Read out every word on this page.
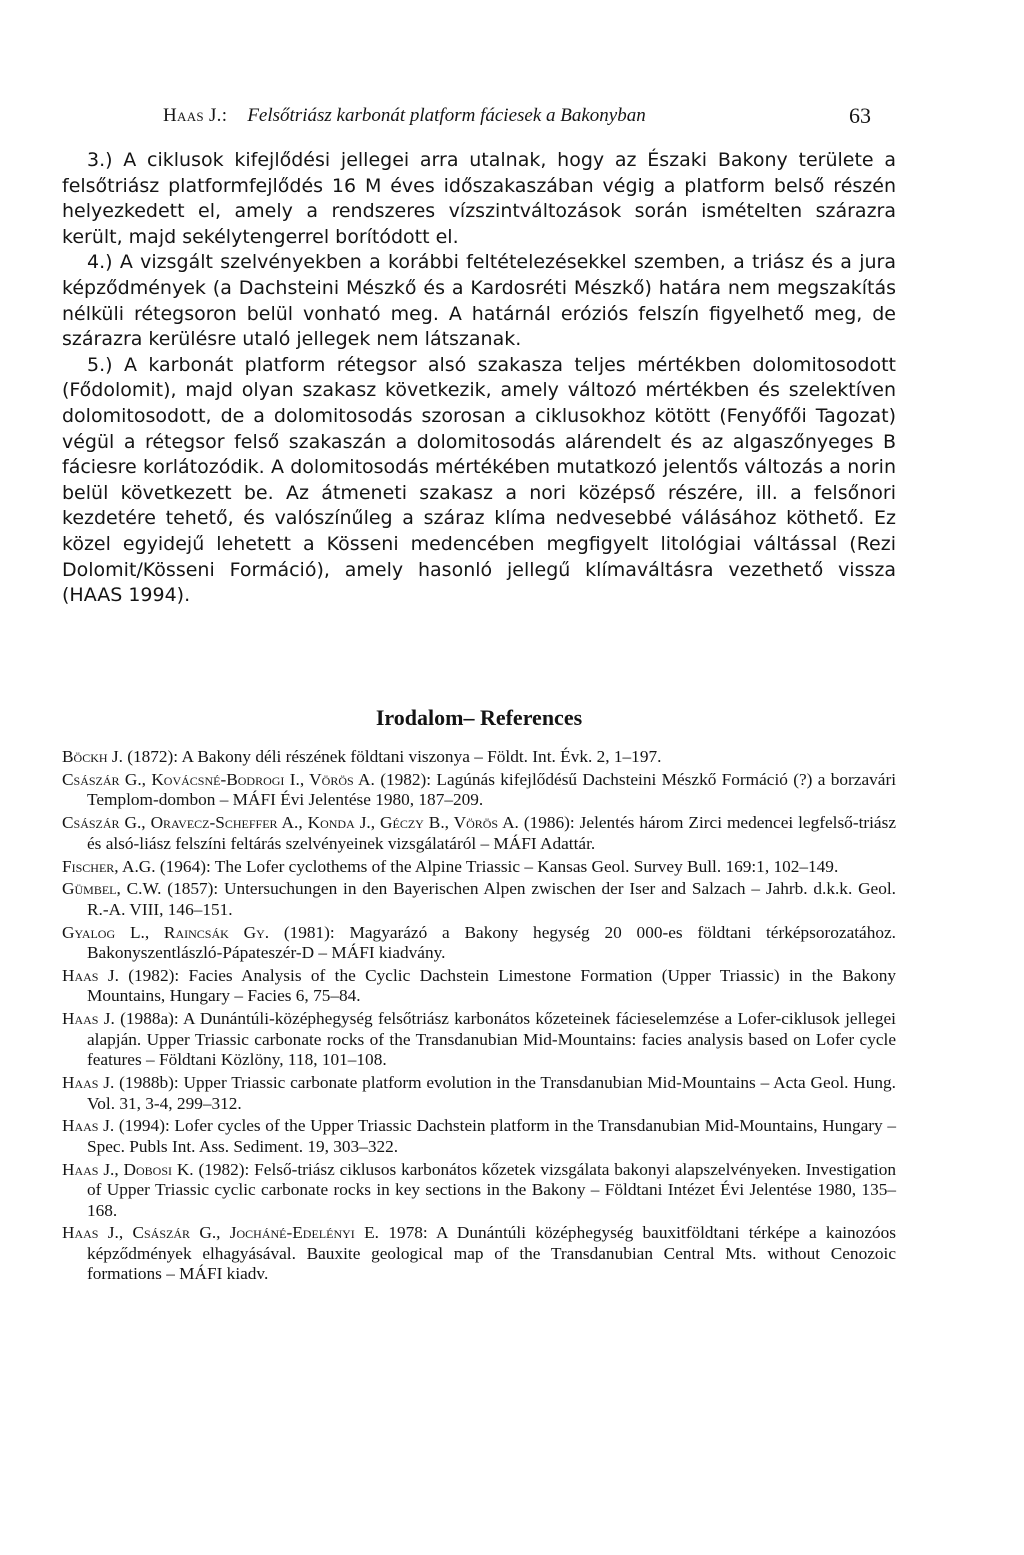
Haas J.: Felsőtriász karbonát platform fáciesek a Bakonyban	63

3.) A ciklusok kifejlődési jellegei arra utalnak, hogy az Északi Bakony területe a felsőtriász platformfejlődés 16 M éves időszakaszában végig a platform belső részén helyezkedett el, amely a rendszeres vízszintváltozások során ismételten szárazra került, majd sekélytengerrel borítódott el.

4.) A vizsgált szelvényekben a korábbi feltételezésekkel szemben, a triász és a jura képződmények (a Dachsteini Mészkő és a Kardosréti Mészkő) határa nem megszakítás nélküli rétegsoron belül vonható meg. A határnál eróziós felszín figyelhető meg, de szárazra kerülésre utaló jellegek nem látszanak.

5.) A karbonát platform rétegsor alsó szakasza teljes mértékben dolomitosodott (Fődolomit), majd olyan szakasz következik, amely változó mértékben és szelektíven dolomitosodott, de a dolomitosodás szorosan a ciklusokhoz kötött (Fenyőfői Tagozat) végül a rétegsor felső szakaszán a dolomitosodás alárendelt és az algaszőnyeges B fáciesre korlátozódik. A dolomitosodás mértékében mutatkozó jelentős változás a norin belül következett be. Az átmeneti szakasz a nori középső részére, ill. a felsőnori kezdetére tehető, és valószínűleg a száraz klíma nedvesebbé válásához köthető. Ez közel egyidejű lehetett a Kösseni medencében megfigyelt litológiai váltással (Rezi Dolomit/Kösseni Formáció), amely hasonló jellegű klímaváltásra vezethető vissza (HAAS 1994).

Irodalom– References
Böckh J. (1872): A Bakony déli részének földtani viszonya – Földt. Int. Évk. 2, 1–197.
Császár G., Kovácsné-Bodrogi I., Vörös A. (1982): Lagúnás kifejlődésű Dachsteini Mészkő Formáció (?) a borzavári Templom-dombon – MÁFI Évi Jelentése 1980, 187–209.
Császár G., Oravecz-Scheffer A., Konda J., Géczy B., Vörös A. (1986): Jelentés három Zirci medencei legfelső-triász és alsó-liász felszíni feltárás szelvényeinek vizsgálatáról – MÁFI Adattár.
Fischer, A.G. (1964): The Lofer cyclothems of the Alpine Triassic – Kansas Geol. Survey Bull. 169:1, 102–149.
Gümbel, C.W. (1857): Untersuchungen in den Bayerischen Alpen zwischen der Iser and Salzach – Jahrb. d.k.k. Geol. R.-A. VIII, 146–151.
Gyalog L., Raincsák Gy. (1981): Magyarázó a Bakony hegység 20 000-es földtani térképsorozatához. Bakonyszentlászló-Pápateszér-D – MÁFI kiadvány.
Haas J. (1982): Facies Analysis of the Cyclic Dachstein Limestone Formation (Upper Triassic) in the Bakony Mountains, Hungary – Facies 6, 75–84.
Haas J. (1988a): A Dunántúli-középhegység felsőtriász karbonátos kőzeteinek fácieselemzése a Lofer-ciklusok jellegei alapján. Upper Triassic carbonate rocks of the Transdanubian Mid-Mountains: facies analysis based on Lofer cycle features – Földtani Közlöny, 118, 101–108.
Haas J. (1988b): Upper Triassic carbonate platform evolution in the Transdanubian Mid-Mountains – Acta Geol. Hung. Vol. 31, 3-4, 299–312.
Haas J. (1994): Lofer cycles of the Upper Triassic Dachstein platform in the Transdanubian Mid-Mountains, Hungary – Spec. Publs Int. Ass. Sediment. 19, 303–322.
Haas J., Dobosi K. (1982): Felső-triász ciklusos karbonátos kőzetek vizsgálata bakonyi alapszelvényeken. Investigation of Upper Triassic cyclic carbonate rocks in key sections in the Bakony – Földtani Intézet Évi Jelentése 1980, 135–168.
Haas J., Császár G., Jocháné-Edelényi E. 1978: A Dunántúli középhegység bauxitföldtani térképe a kainozóos képződmények elhagyásával. Bauxite geological map of the Transdanubian Central Mts. without Cenozoic formations – MÁFI kiadv.
